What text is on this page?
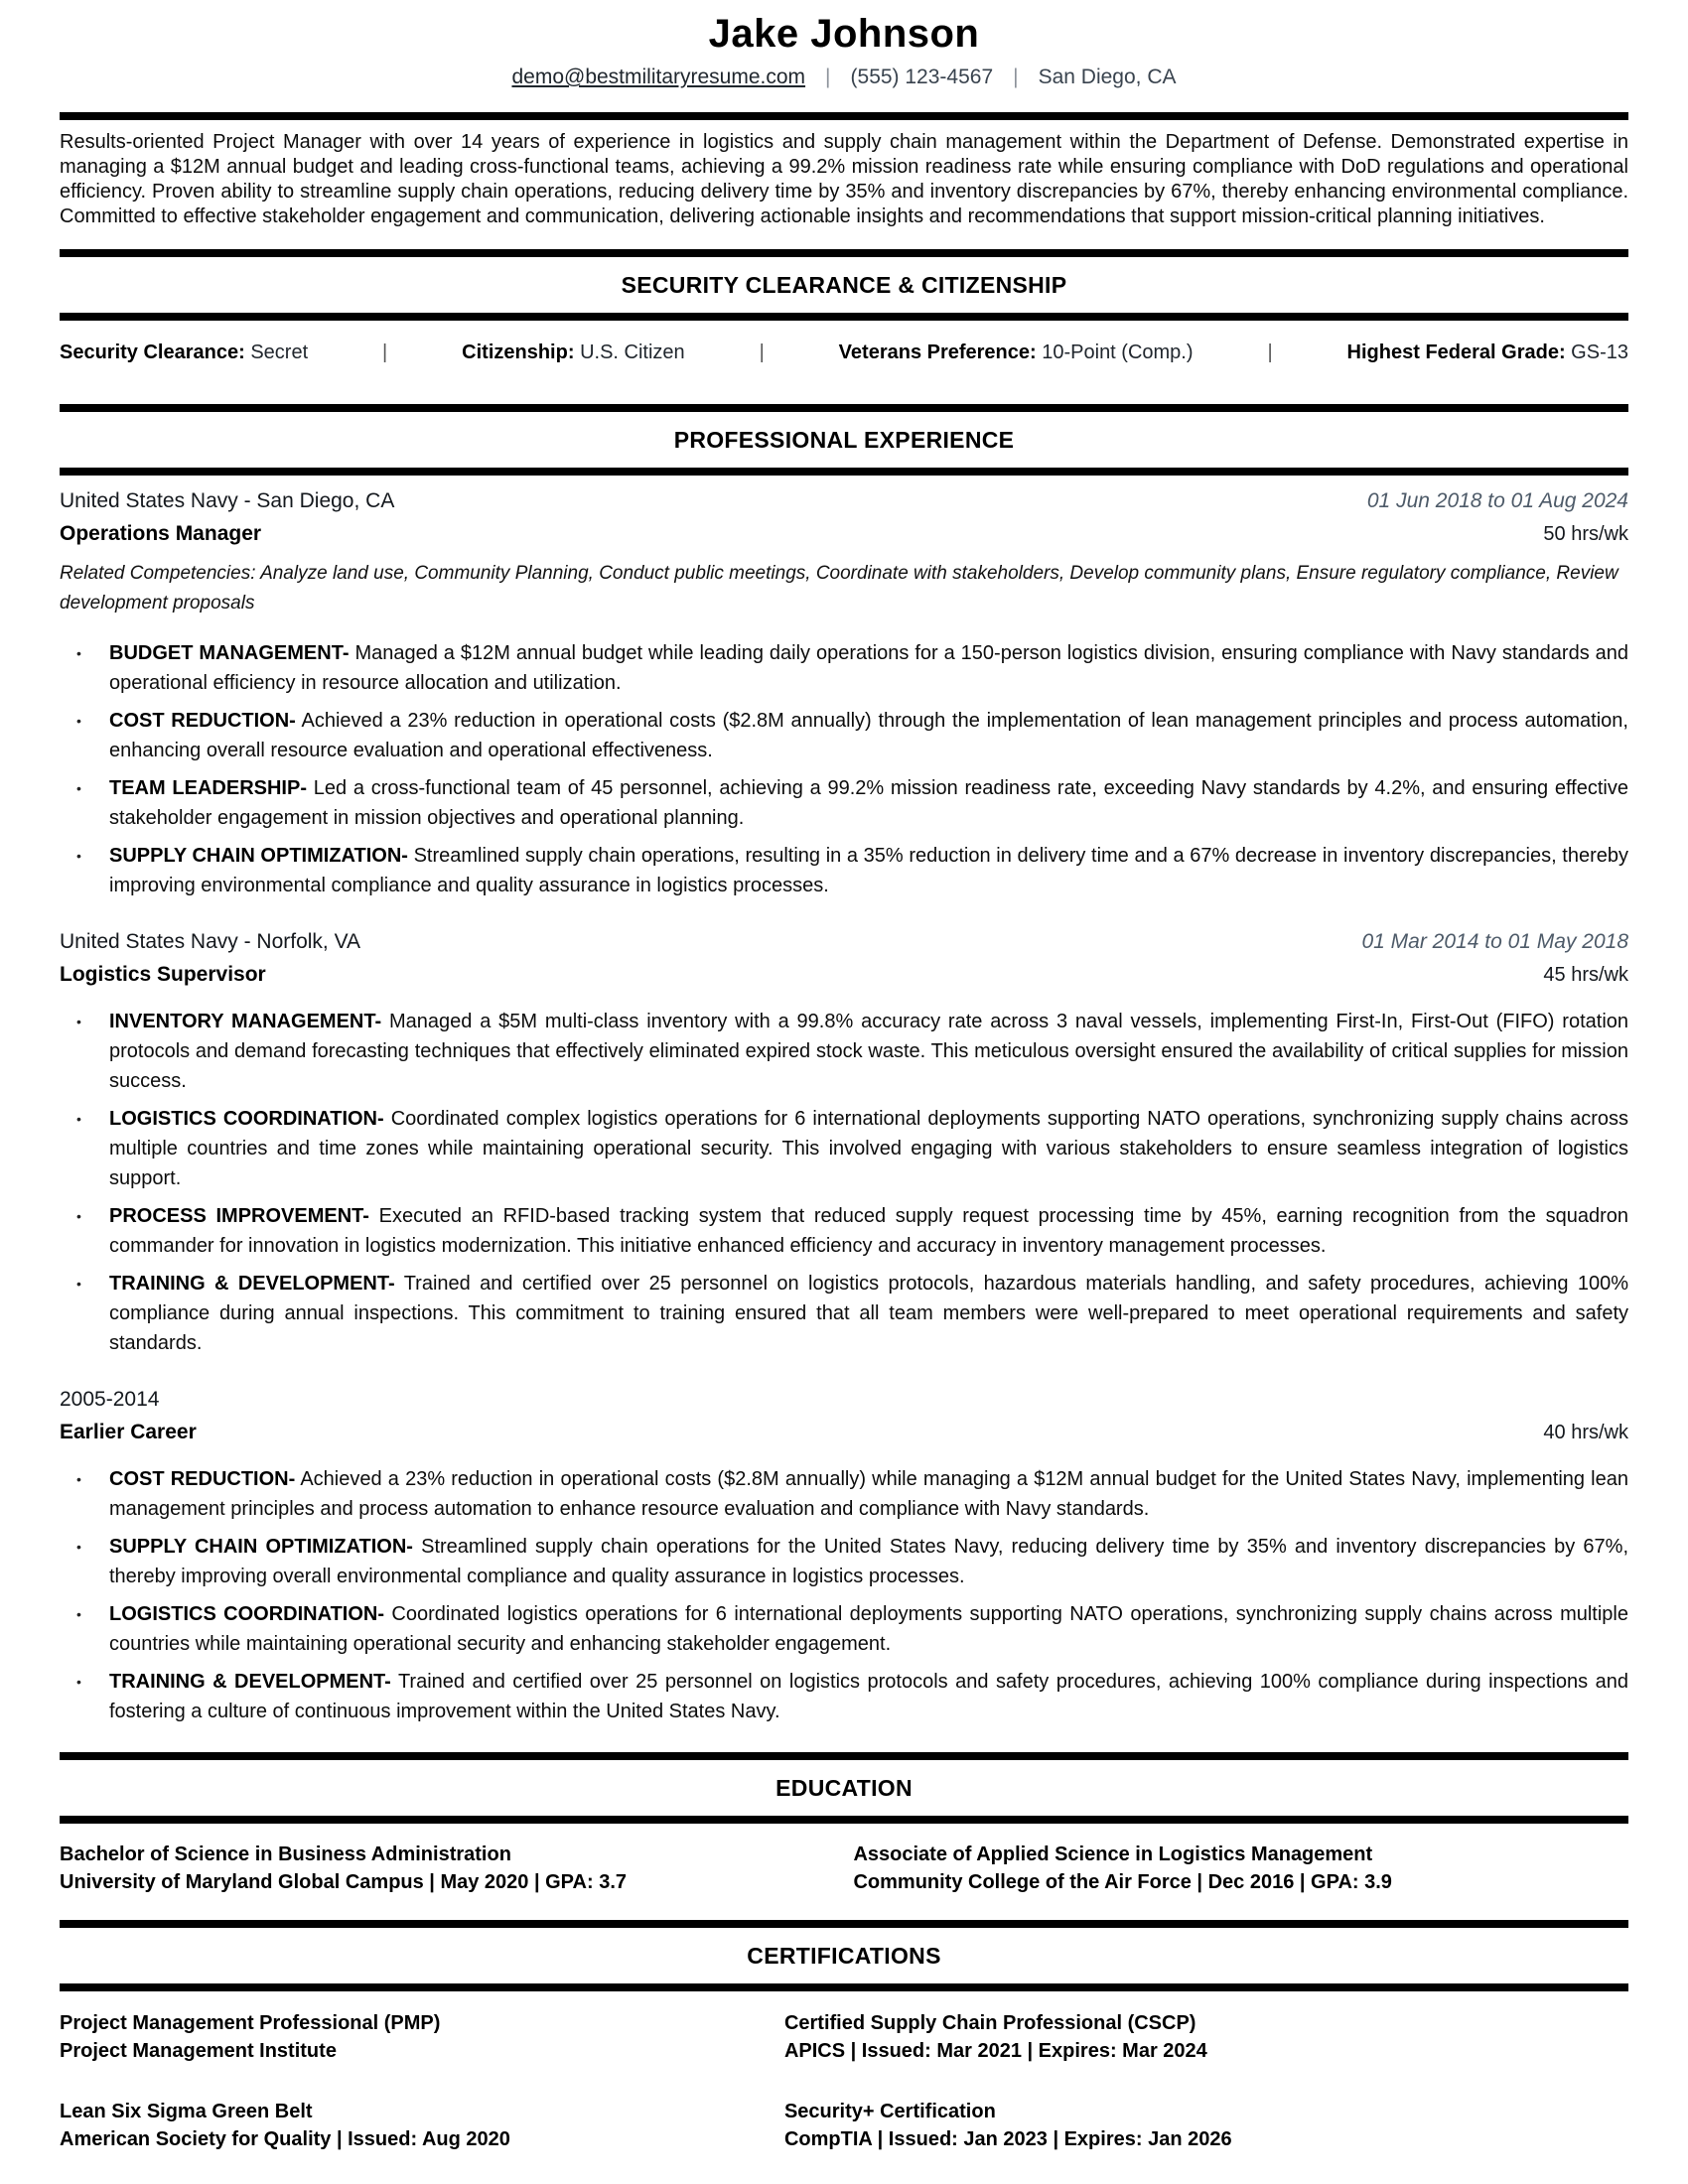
Jake Johnson
demo@bestmilitaryresume.com | (555) 123-4567 | San Diego, CA

Results-oriented Project Manager with over 14 years of experience in logistics and supply chain management within the Department of Defense. Demonstrated expertise in managing a $12M annual budget and leading cross-functional teams, achieving a 99.2% mission readiness rate while ensuring compliance with DoD regulations and operational efficiency. Proven ability to streamline supply chain operations, reducing delivery time by 35% and inventory discrepancies by 67%, thereby enhancing environmental compliance. Committed to effective stakeholder engagement and communication, delivering actionable insights and recommendations that support mission-critical planning initiatives.

SECURITY CLEARANCE & CITIZENSHIP
Security Clearance: Secret	|	Citizenship: U.S. Citizen	|	Veterans Preference: 10-Point (Comp.)	|	Highest Federal Grade: GS-13
PROFESSIONAL EXPERIENCE
United States Navy - San Diego, CA	01 Jun 2018 to 01 Aug 2024
Operations Manager	50 hrs/wk

Related Competencies: Analyze land use, Community Planning, Conduct public meetings, Coordinate with stakeholders, Develop community plans, Ensure regulatory compliance, Review development proposals

•	BUDGET MANAGEMENT- Managed a $12M annual budget while leading daily operations for a 150-person logistics division, ensuring compliance with Navy standards and operational efficiency in resource allocation and utilization.

•	COST REDUCTION- Achieved a 23% reduction in operational costs ($2.8M annually) through the implementation of lean management principles and process automation, enhancing overall resource evaluation and operational effectiveness.

•	TEAM LEADERSHIP- Led a cross-functional team of 45 personnel, achieving a 99.2% mission readiness rate, exceeding Navy standards by 4.2%, and ensuring effective stakeholder engagement in mission objectives and operational planning.

•	SUPPLY CHAIN OPTIMIZATION- Streamlined supply chain operations, resulting in a 35% reduction in delivery time and a 67% decrease in inventory discrepancies, thereby improving environmental compliance and quality assurance in logistics processes.

United States Navy - Norfolk, VA	01 Mar 2014 to 01 May 2018
Logistics Supervisor	45 hrs/wk
•	INVENTORY MANAGEMENT- Managed a $5M multi-class inventory with a 99.8% accuracy rate across 3 naval vessels, implementing First-In, First-Out (FIFO) rotation protocols and demand forecasting techniques that effectively eliminated expired stock waste. This meticulous oversight ensured the availability of critical supplies for mission success.

•	LOGISTICS COORDINATION- Coordinated complex logistics operations for 6 international deployments supporting NATO operations, synchronizing supply chains across multiple countries and time zones while maintaining operational security. This involved engaging with various stakeholders to ensure seamless integration of logistics support.

•	PROCESS IMPROVEMENT- Executed an RFID-based tracking system that reduced supply request processing time by 45%, earning recognition from the squadron commander for innovation in logistics modernization. This initiative enhanced efficiency and accuracy in inventory management processes.

•	TRAINING & DEVELOPMENT- Trained and certified over 25 personnel on logistics protocols, hazardous materials handling, and safety procedures, achieving 100% compliance during annual inspections. This commitment to training ensured that all team members were well-prepared to meet operational requirements and safety standards.

2005-2014
Earlier Career	40 hrs/wk
•	COST REDUCTION- Achieved a 23% reduction in operational costs ($2.8M annually) while managing a $12M annual budget for the United States Navy, implementing lean management principles and process automation to enhance resource evaluation and compliance with Navy standards.

•	SUPPLY CHAIN OPTIMIZATION- Streamlined supply chain operations for the United States Navy, reducing delivery time by 35% and inventory discrepancies by 67%, thereby improving overall environmental compliance and quality assurance in logistics processes.

•	LOGISTICS COORDINATION- Coordinated logistics operations for 6 international deployments supporting NATO operations, synchronizing supply chains across multiple countries while maintaining operational security and enhancing stakeholder engagement.

•	TRAINING & DEVELOPMENT- Trained and certified over 25 personnel on logistics protocols and safety procedures, achieving 100% compliance during inspections and fostering a culture of continuous improvement within the United States Navy.

EDUCATION
Bachelor of Science in Business Administration
University of Maryland Global Campus | May 2020 | GPA: 3.7
Associate of Applied Science in Logistics Management
Community College of the Air Force | Dec 2016 | GPA: 3.9
CERTIFICATIONS
Project Management Professional (PMP)
Project Management Institute
Certified Supply Chain Professional (CSCP)
APICS | Issued: Mar 2021 | Expires: Mar 2024
Lean Six Sigma Green Belt
American Society for Quality | Issued: Aug 2020
Security+ Certification
CompTIA | Issued: Jan 2023 | Expires: Jan 2026
